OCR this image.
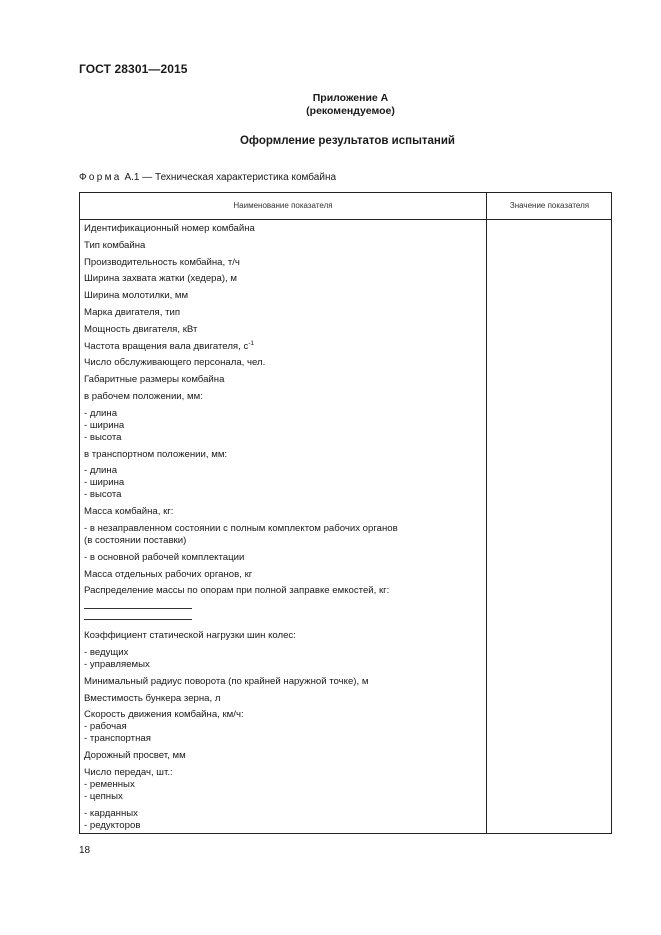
ГОСТ 28301—2015
Приложение А
(рекомендуемое)
Оформление результатов испытаний
Форма А.1 — Техническая характеристика комбайна
Наименование показателя	Значение показателя
Идентификационный номер комбайна
Тип комбайна
Производительность комбайна, т/ч
Ширина захвата жатки (хедера), м
Ширина молотилки, мм
Марка двигателя, тип
Мощность двигателя, кВт
Частота вращения вала двигателя, $с^{-1}$
Число обслуживающего персонала, чел.
Габаритные размеры комбайна
в рабочем положении, мм:
- длина
- ширина
- высота
в транспортном положении, мм:
- длина
- ширина
- высота
Масса комбайна, кг:
- в незаправленном состоянии с полным комплектом рабочих органов
(в состоянии поставки)
- в основной рабочей комплектации
Масса отдельных рабочих органов, кг
Распределение массы по опорам при полной заправке емкостей, кг:
Коэффициент статической нагрузки шин колес:
- ведущих
- управляемых
Минимальный радиус поворота (по крайней наружной точке), м
Вместимость бункера зерна, л
Скорость движения комбайна, км/ч:
- рабочая
- транспортная
Дорожный просвет, мм
Число передач, шт.:
- ременных
- цепных
- карданных
- редукторов
18
